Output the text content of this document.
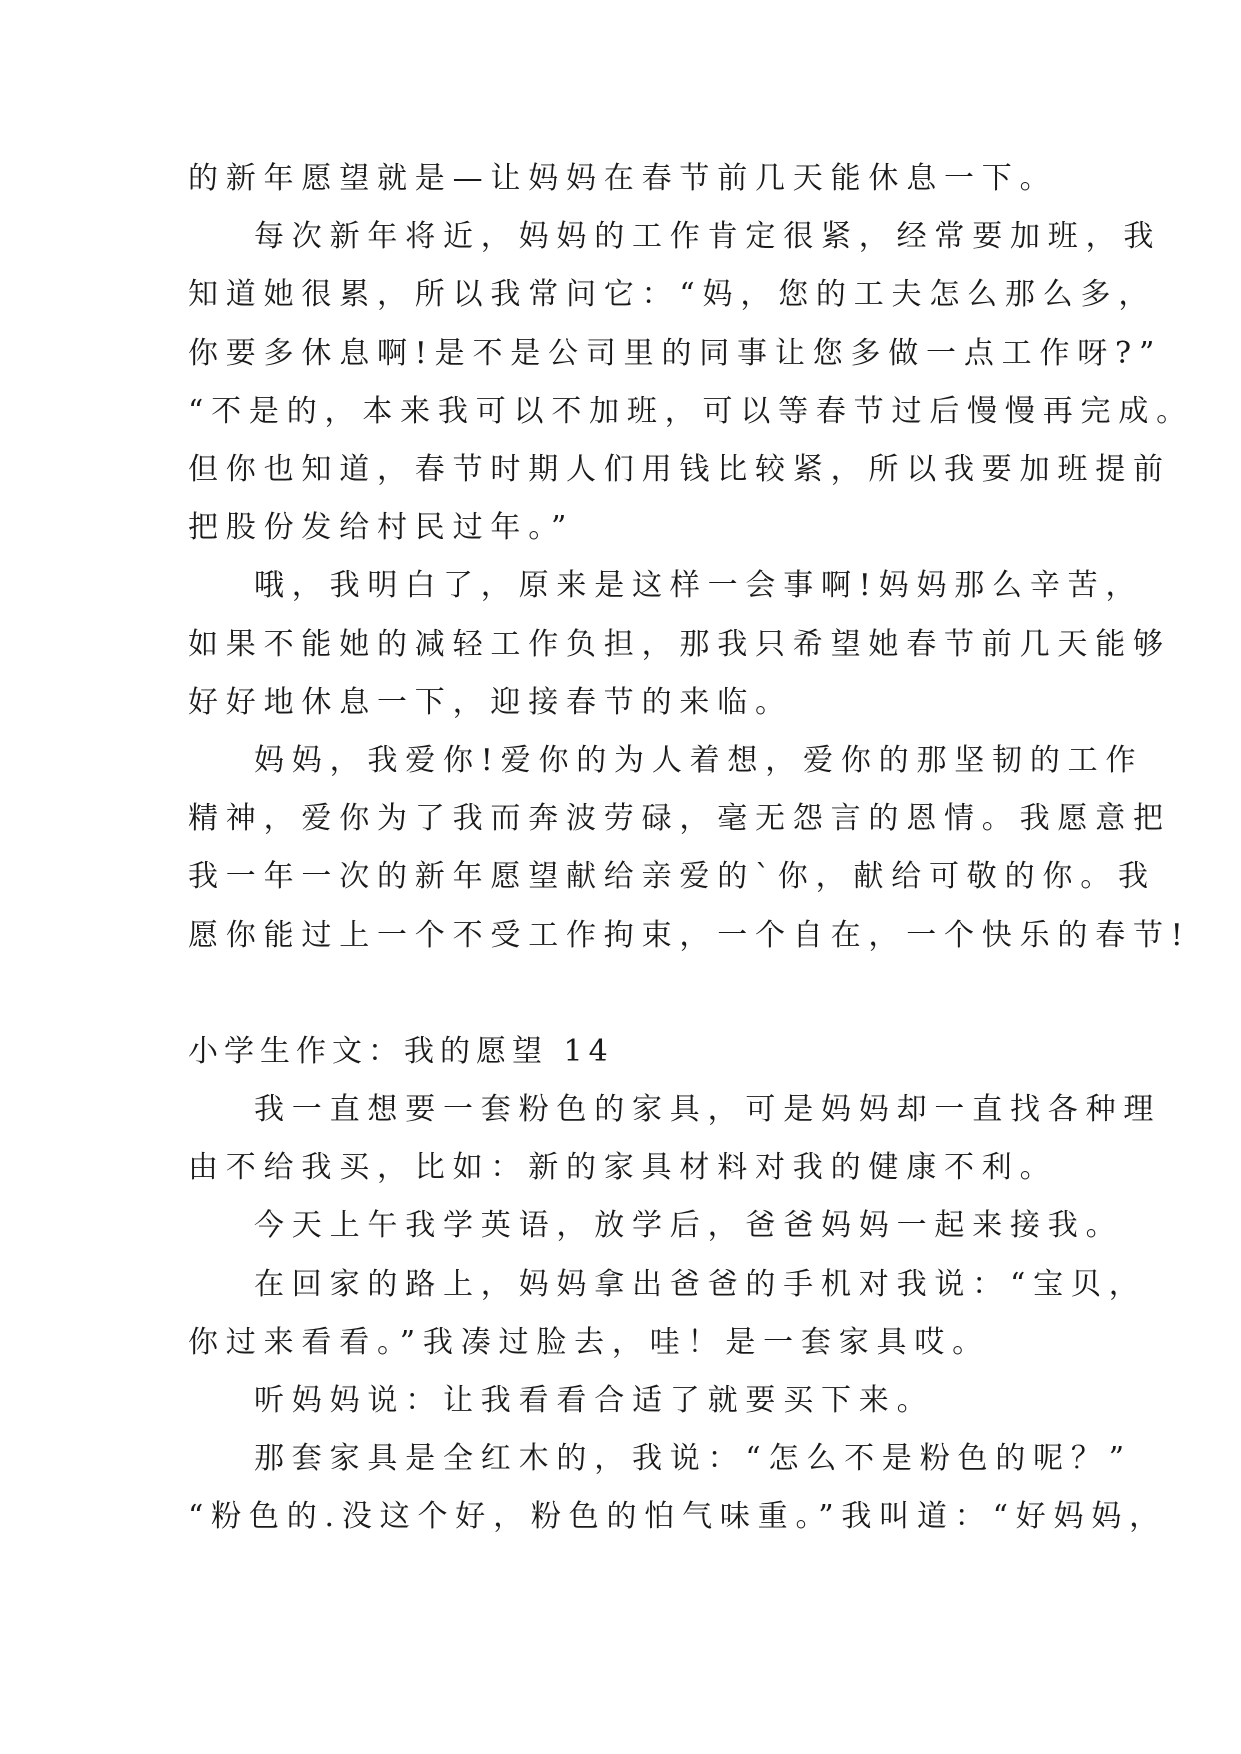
的新年愿望就是—让妈妈在春节前几天能休息一下。

每次新年将近，妈妈的工作肯定很紧，经常要加班，我
知道她很累，所以我常问它：“妈，您的工夫怎么那么多，
你要多休息啊!是不是公司里的同事让您多做一点工作呀?”
“不是的，本来我可以不加班，可以等春节过后慢慢再完成。
但你也知道，春节时期人们用钱比较紧，所以我要加班提前
把股份发给村民过年。”

哦，我明白了，原来是这样一会事啊!妈妈那么辛苦，
如果不能她的减轻工作负担，那我只希望她春节前几天能够
好好地休息一下，迎接春节的来临。

妈妈，我爱你!爱你的为人着想，爱你的那坚韧的工作
精神，爱你为了我而奔波劳碌，毫无怨言的恩情。我愿意把
我一年一次的新年愿望献给亲爱的`你，献给可敬的你。我
愿你能过上一个不受工作拘束，一个自在，一个快乐的春节!

小学生作文：我的愿望 14

我一直想要一套粉色的家具，可是妈妈却一直找各种理
由不给我买，比如：新的家具材料对我的健康不利。

今天上午我学英语，放学后，爸爸妈妈一起来接我。

在回家的路上，妈妈拿出爸爸的手机对我说：“宝贝，
你过来看看。”我凑过脸去，哇！是一套家具哎。

听妈妈说：让我看看合适了就要买下来。

那套家具是全红木的，我说：“怎么不是粉色的呢？”
“粉色的.没这个好，粉色的怕气味重。”我叫道：“好妈妈，
